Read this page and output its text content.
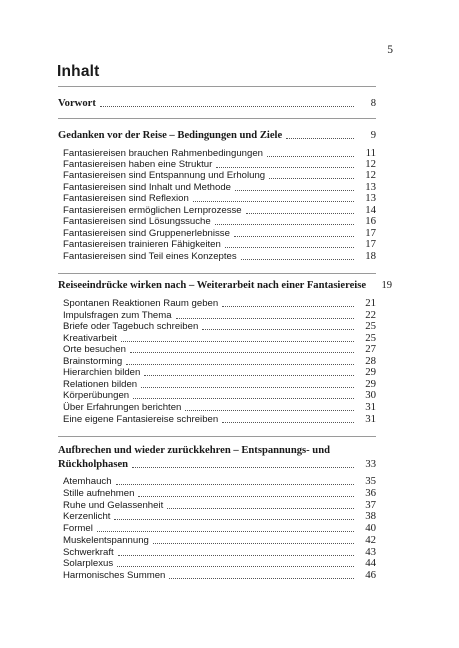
5
Inhalt
Vorwort	8
Gedanken vor der Reise – Bedingungen und Ziele	9
Fantasiereisen brauchen Rahmenbedingungen	11
Fantasiereisen haben eine Struktur	12
Fantasiereisen sind Entspannung und Erholung	12
Fantasiereisen sind Inhalt und Methode	13
Fantasiereisen sind Reflexion	13
Fantasiereisen ermöglichen Lernprozesse	14
Fantasiereisen sind Lösungssuche	16
Fantasiereisen sind Gruppenerlebnisse	17
Fantasiereisen trainieren Fähigkeiten	17
Fantasiereisen sind Teil eines Konzeptes	18
Reiseeindrücke wirken nach – Weiterarbeit nach einer Fantasiereise	19
Spontanen Reaktionen Raum geben	21
Impulsfragen zum Thema	22
Briefe oder Tagebuch schreiben	25
Kreativarbeit	25
Orte besuchen	27
Brainstorming	28
Hierarchien bilden	29
Relationen bilden	29
Körperübungen	30
Über Erfahrungen berichten	31
Eine eigene Fantasiereise schreiben	31
Aufbrechen und wieder zurückkehren – Entspannungs- und
Rückholphasen	33
Atemhauch	35
Stille aufnehmen	36
Ruhe und Gelassenheit	37
Kerzenlicht	38
Formel	40
Muskelentspannung	42
Schwerkraft	43
Solarplexus	44
Harmonisches Summen	46
